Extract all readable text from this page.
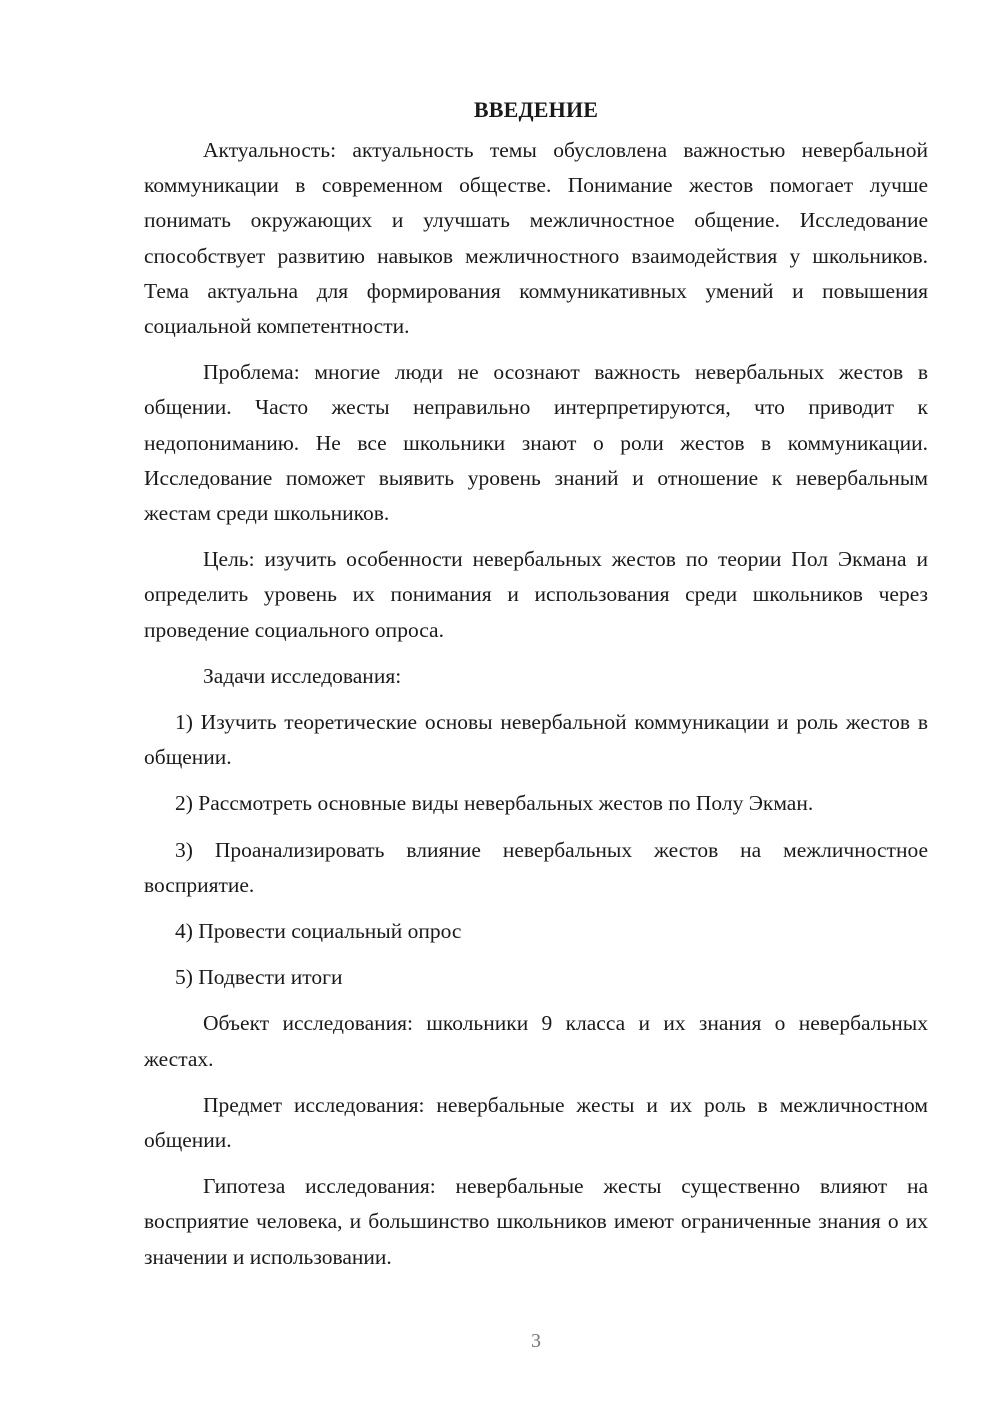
ВВЕДЕНИЕ

Актуальность: актуальность темы обусловлена важностью невербальной коммуникации в современном обществе. Понимание жестов помогает лучше понимать окружающих и улучшать межличностное общение. Исследование способствует развитию навыков межличностного взаимодействия у школьников. Тема актуальна для формирования коммуникативных умений и повышения социальной компетентности.

Проблема: многие люди не осознают важность невербальных жестов в общении. Часто жесты неправильно интерпретируются, что приводит к недопониманию. Не все школьники знают о роли жестов в коммуникации. Исследование поможет выявить уровень знаний и отношение к невербальным жестам среди школьников.

Цель: изучить особенности невербальных жестов по теории Пол Экмана и определить уровень их понимания и использования среди школьников через проведение социального опроса.

Задачи исследования:

1) Изучить теоретические основы невербальной коммуникации и роль жестов в общении.

2) Рассмотреть основные виды невербальных жестов по Полу Экман.

3) Проанализировать влияние невербальных жестов на межличностное восприятие.

4) Провести социальный опрос

5) Подвести итоги

Объект исследования: школьники 9 класса и их знания о невербальных жестах.

Предмет исследования: невербальные жесты и их роль в межличностном общении.

Гипотеза исследования: невербальные жесты существенно влияют на восприятие человека, и большинство школьников имеют ограниченные знания о их значении и использовании.

3
